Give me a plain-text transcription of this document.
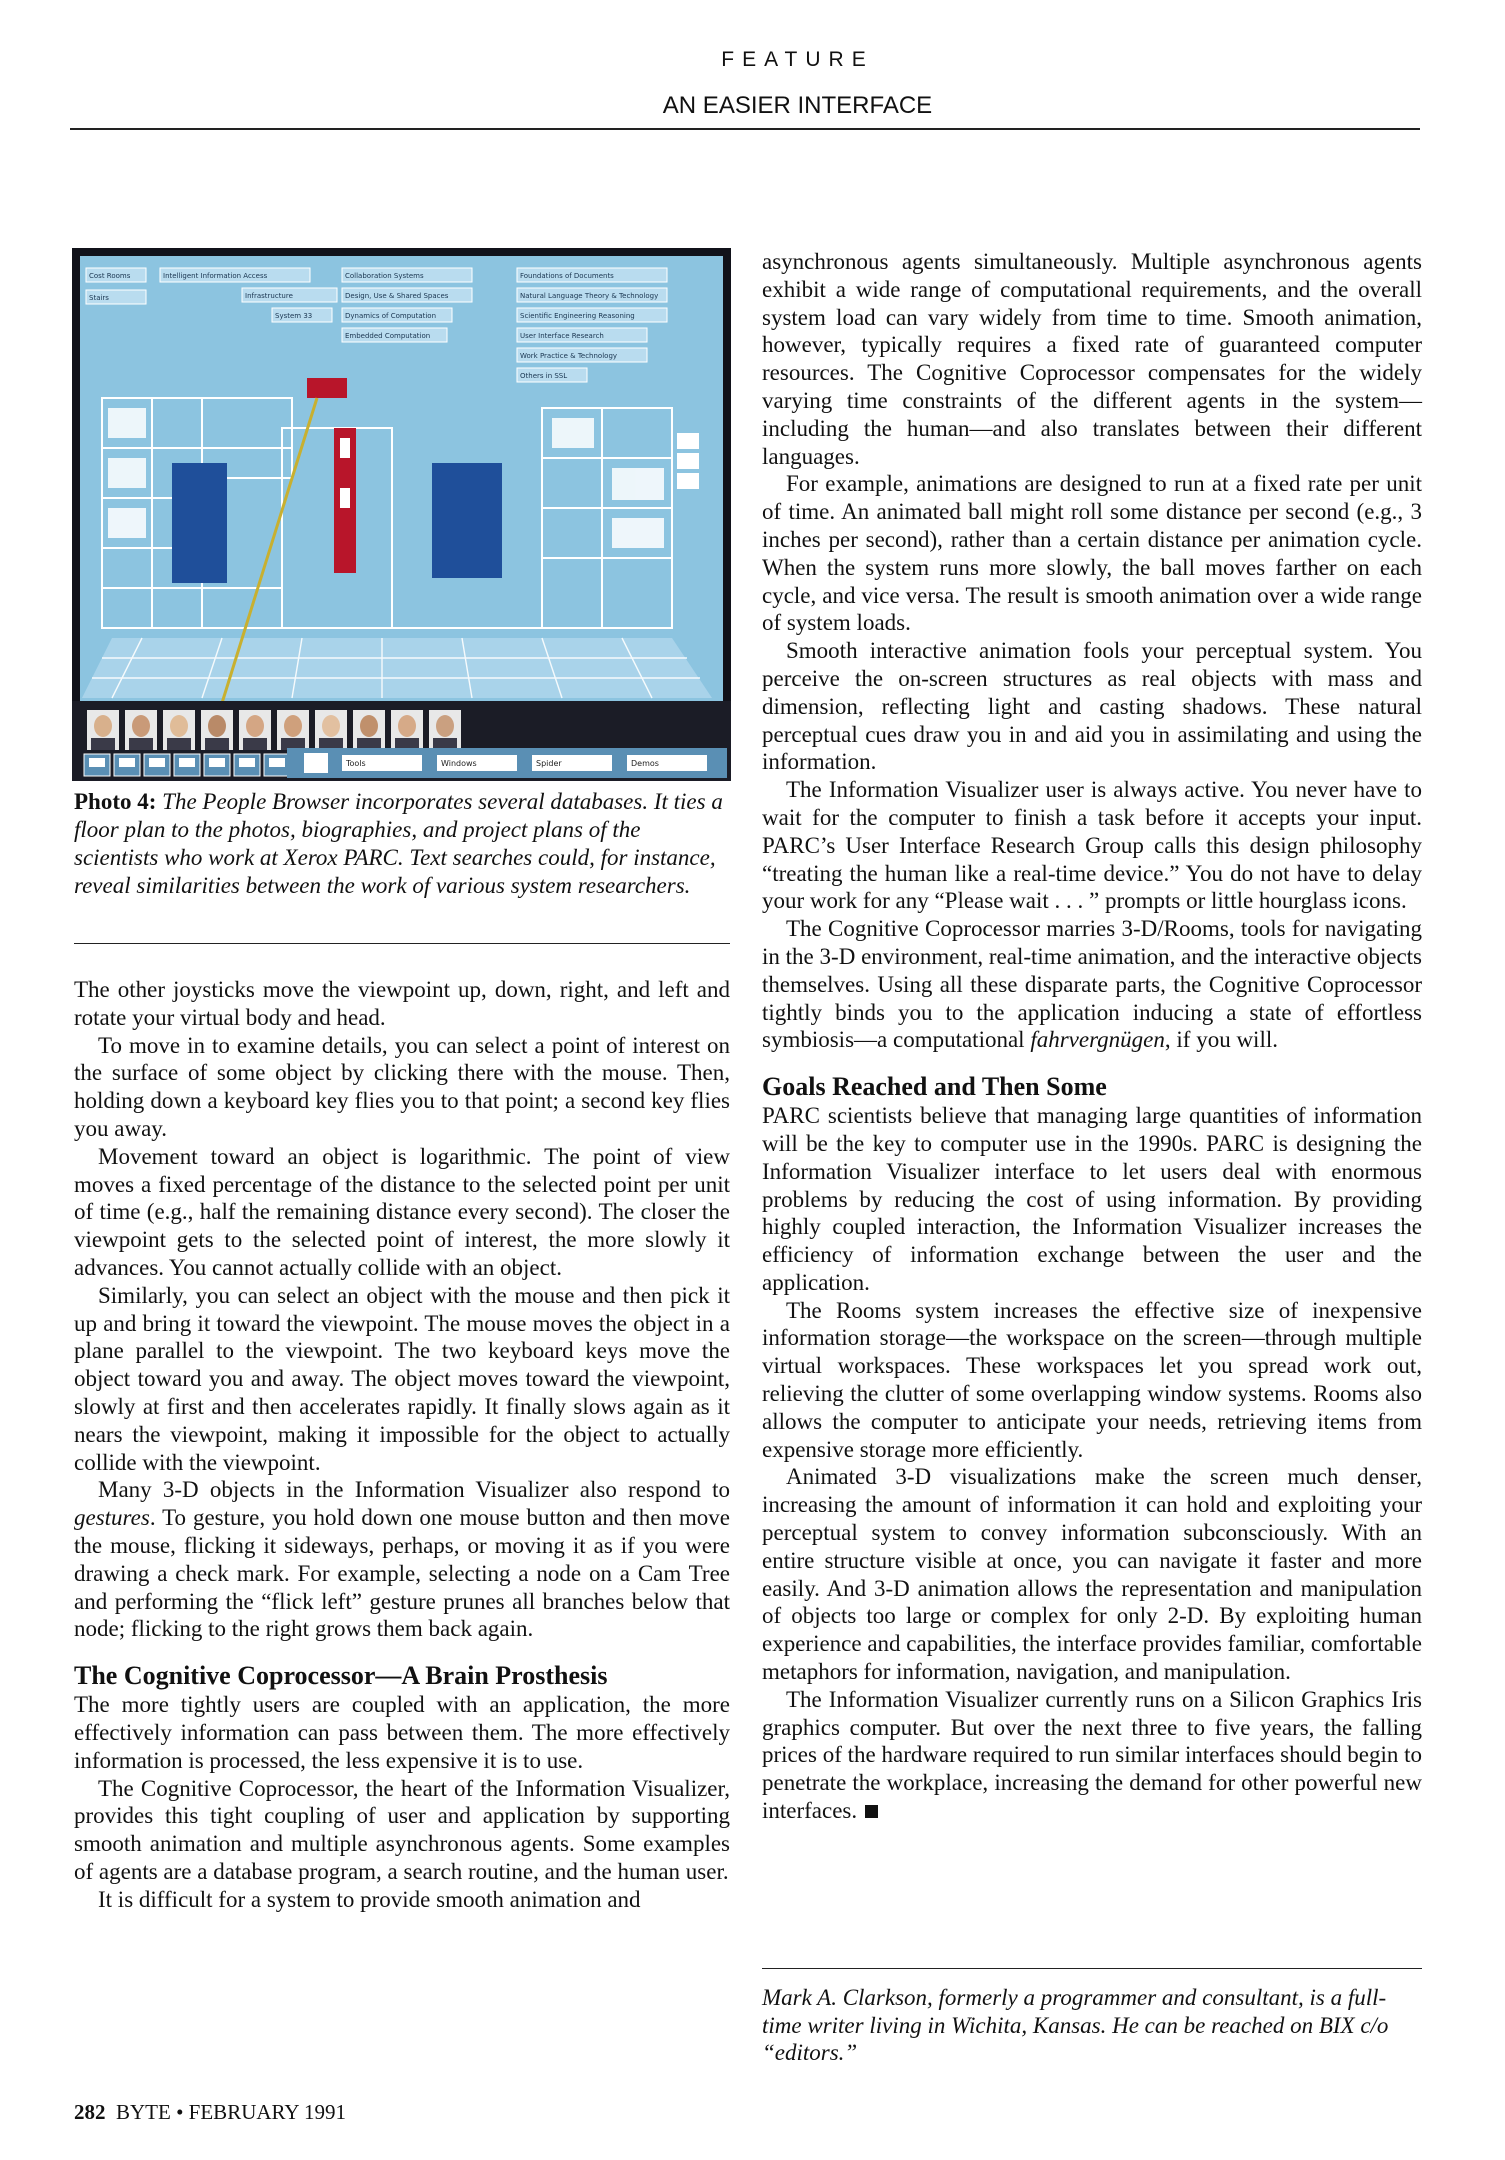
FEATURE
AN EASIER INTERFACE
Intelligent Information Access	Collaboration Systems	Foundations of Documents
Infrastructure	Design, Use & Shared Spaces	Natural Language Theory & Technology
System 33	Dynamics of Computation	Scientific Engineering Reasoning
Embedded Computation	User Interface Research
Work Practice & Technology
Others in SSL
Cost Rooms
Stairs
Tools	Windows	Spider	Demos
Photo 4: The People Browser incorporates several databases. It ties a floor plan to the photos, biographies, and project plans of the scientists who work at Xerox PARC. Text searches could, for instance, reveal similarities between the work of various system researchers.

The other joysticks move the viewpoint up, down, right, and left and rotate your virtual body and head.

To move in to examine details, you can select a point of interest on the surface of some object by clicking there with the mouse. Then, holding down a keyboard key flies you to that point; a second key flies you away.

Movement toward an object is logarithmic. The point of view moves a fixed percentage of the distance to the selected point per unit of time (e.g., half the remaining distance every second). The closer the viewpoint gets to the selected point of interest, the more slowly it advances. You cannot actually collide with an object.

Similarly, you can select an object with the mouse and then pick it up and bring it toward the viewpoint. The mouse moves the object in a plane parallel to the viewpoint. The two keyboard keys move the object toward you and away. The object moves toward the viewpoint, slowly at first and then accelerates rapidly. It finally slows again as it nears the viewpoint, making it impossible for the object to actually collide with the viewpoint.

Many 3-D objects in the Information Visualizer also respond to gestures. To gesture, you hold down one mouse button and then move the mouse, flicking it sideways, perhaps, or moving it as if you were drawing a check mark. For example, selecting a node on a Cam Tree and performing the “flick left” gesture prunes all branches below that node; flicking to the right grows them back again.

The Cognitive Coprocessor—A Brain Prosthesis

The more tightly users are coupled with an application, the more effectively information can pass between them. The more effectively information is processed, the less expensive it is to use.

The Cognitive Coprocessor, the heart of the Information Visualizer, provides this tight coupling of user and application by supporting smooth animation and multiple asynchronous agents. Some examples of agents are a database program, a search routine, and the human user.

It is difficult for a system to provide smooth animation and

asynchronous agents simultaneously. Multiple asynchronous agents exhibit a wide range of computational requirements, and the overall system load can vary widely from time to time. Smooth animation, however, typically requires a fixed rate of guaranteed computer resources. The Cognitive Coprocessor compensates for the widely varying time constraints of the different agents in the system—including the human—and also translates between their different languages.

For example, animations are designed to run at a fixed rate per unit of time. An animated ball might roll some distance per second (e.g., 3 inches per second), rather than a certain distance per animation cycle. When the system runs more slowly, the ball moves farther on each cycle, and vice versa. The result is smooth animation over a wide range of system loads.

Smooth interactive animation fools your perceptual system. You perceive the on-screen structures as real objects with mass and dimension, reflecting light and casting shadows. These natural perceptual cues draw you in and aid you in assimilating and using the information.

The Information Visualizer user is always active. You never have to wait for the computer to finish a task before it accepts your input. PARC’s User Interface Research Group calls this design philosophy “treating the human like a real-time device.” You do not have to delay your work for any “Please wait . . . ” prompts or little hourglass icons.

The Cognitive Coprocessor marries 3-D/Rooms, tools for navigating in the 3-D environment, real-time animation, and the interactive objects themselves. Using all these disparate parts, the Cognitive Coprocessor tightly binds you to the application inducing a state of effortless symbiosis—a computational fahrvergnügen, if you will.

Goals Reached and Then Some

PARC scientists believe that managing large quantities of information will be the key to computer use in the 1990s. PARC is designing the Information Visualizer interface to let users deal with enormous problems by reducing the cost of using information. By providing highly coupled interaction, the Information Visualizer increases the efficiency of information exchange between the user and the application.

The Rooms system increases the effective size of inexpensive information storage—the workspace on the screen—through multiple virtual workspaces. These workspaces let you spread work out, relieving the clutter of some overlapping window systems. Rooms also allows the computer to anticipate your needs, retrieving items from expensive storage more efficiently.

Animated 3-D visualizations make the screen much denser, increasing the amount of information it can hold and exploiting your perceptual system to convey information subconsciously. With an entire structure visible at once, you can navigate it faster and more easily. And 3-D animation allows the representation and manipulation of objects too large or complex for only 2-D. By exploiting human experience and capabilities, the interface provides familiar, comfortable metaphors for information, navigation, and manipulation.

The Information Visualizer currently runs on a Silicon Graphics Iris graphics computer. But over the next three to five years, the falling prices of the hardware required to run similar interfaces should begin to penetrate the workplace, increasing the demand for other powerful new interfaces.

Mark A. Clarkson, formerly a programmer and consultant, is a full-time writer living in Wichita, Kansas. He can be reached on BIX c/o “editors.”
282 BYTE • FEBRUARY 1991
